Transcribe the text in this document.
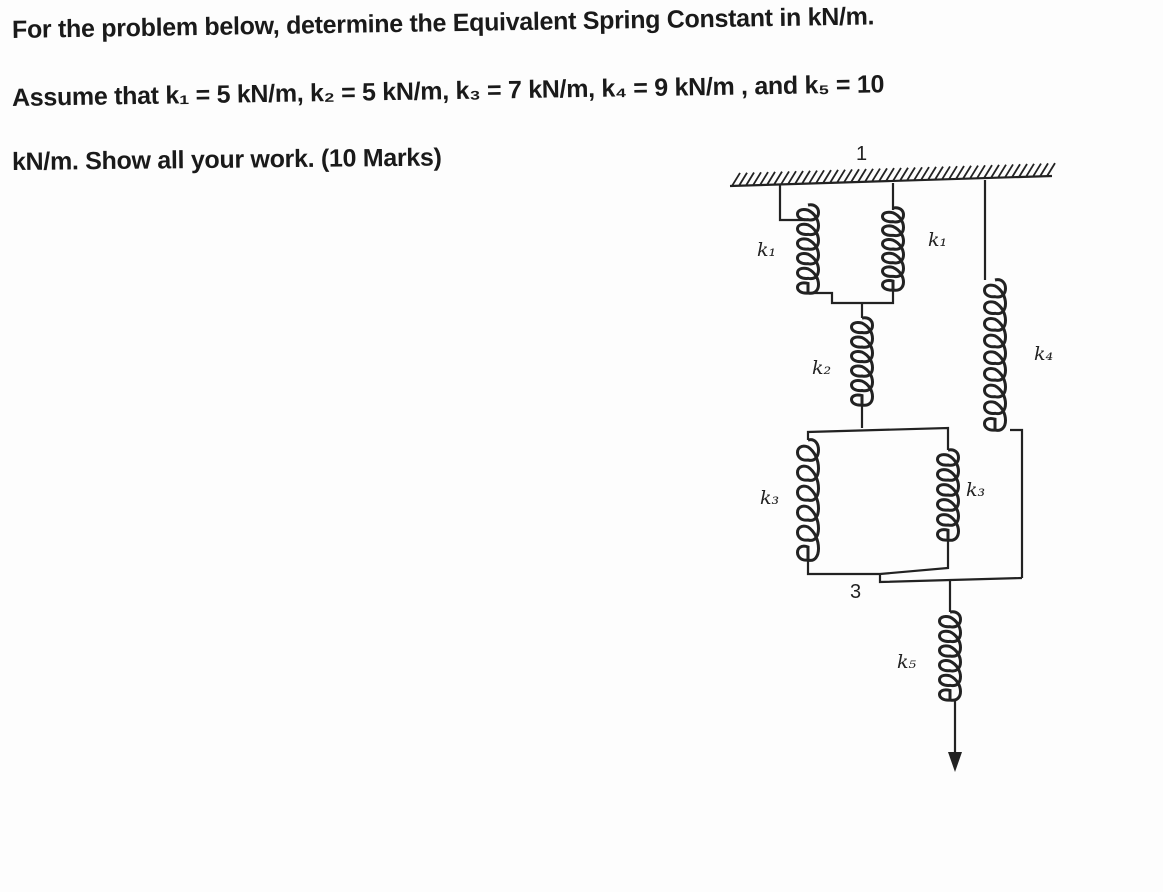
For the problem below, determine the Equivalent Spring Constant in kN/m.
Assume that k₁ = 5 kN/m, k₂ = 5 kN/m, k₃ = 7 kN/m, k₄ = 9 kN/m , and k₅ = 10
kN/m. Show all your work. (10 Marks)
k₁	k₁
k₂
k₃	k₃
k₄
k₅
1
3
